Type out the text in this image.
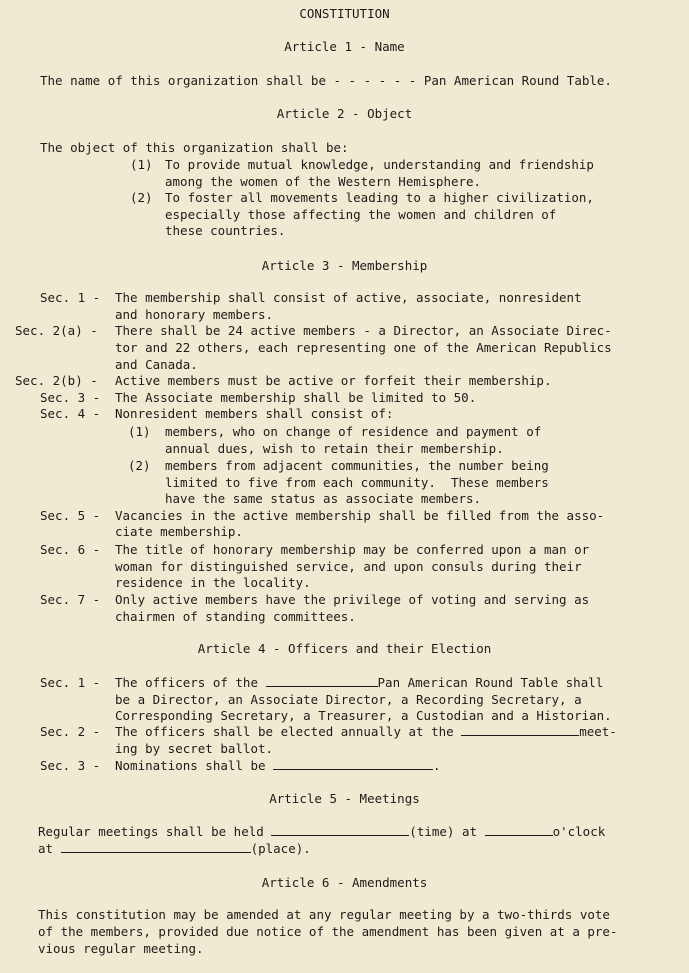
CONSTITUTION
Article 1 - Name
The name of this organization shall be - - - - - - Pan American Round Table.
Article 2 - Object
The object of this organization shall be:
(1) To provide mutual knowledge, understanding and friendship
among the women of the Western Hemisphere.
(2) To foster all movements leading to a higher civilization,
especially those affecting the women and children of
these countries.
Article 3 - Membership
Sec. 1 - The membership shall consist of active, associate, nonresident
and honorary members.
Sec. 2(a) - There shall be 24 active members - a Director, an Associate Direc-
tor and 22 others, each representing one of the American Republics
and Canada.
Sec. 2(b) - Active members must be active or forfeit their membership.
Sec. 3 - The Associate membership shall be limited to 50.
Sec. 4 - Nonresident members shall consist of:
(1) members, who on change of residence and payment of
annual dues, wish to retain their membership.
(2) members from adjacent communities, the number being
limited to five from each community.  These members
have the same status as associate members.
Sec. 5 - Vacancies in the active membership shall be filled from the asso-
ciate membership.
Sec. 6 - The title of honorary membership may be conferred upon a man or
woman for distinguished service, and upon consuls during their
residence in the locality.
Sec. 7 - Only active members have the privilege of voting and serving as
chairmen of standing committees.
Article 4 - Officers and their Election
Sec. 1 - The officers of the	Pan American Round Table shall
be a Director, an Associate Director, a Recording Secretary, a
Corresponding Secretary, a Treasurer, a Custodian and a Historian.
Sec. 2 - The officers shall be elected annually at the	meet-
ing by secret ballot.
Sec. 3 - Nominations shall be	.
Article 5 - Meetings
Regular meetings shall be held	(time) at	o'clock
at	(place).
Article 6 - Amendments
This constitution may be amended at any regular meeting by a two-thirds vote
of the members, provided due notice of the amendment has been given at a pre-
vious regular meeting.
